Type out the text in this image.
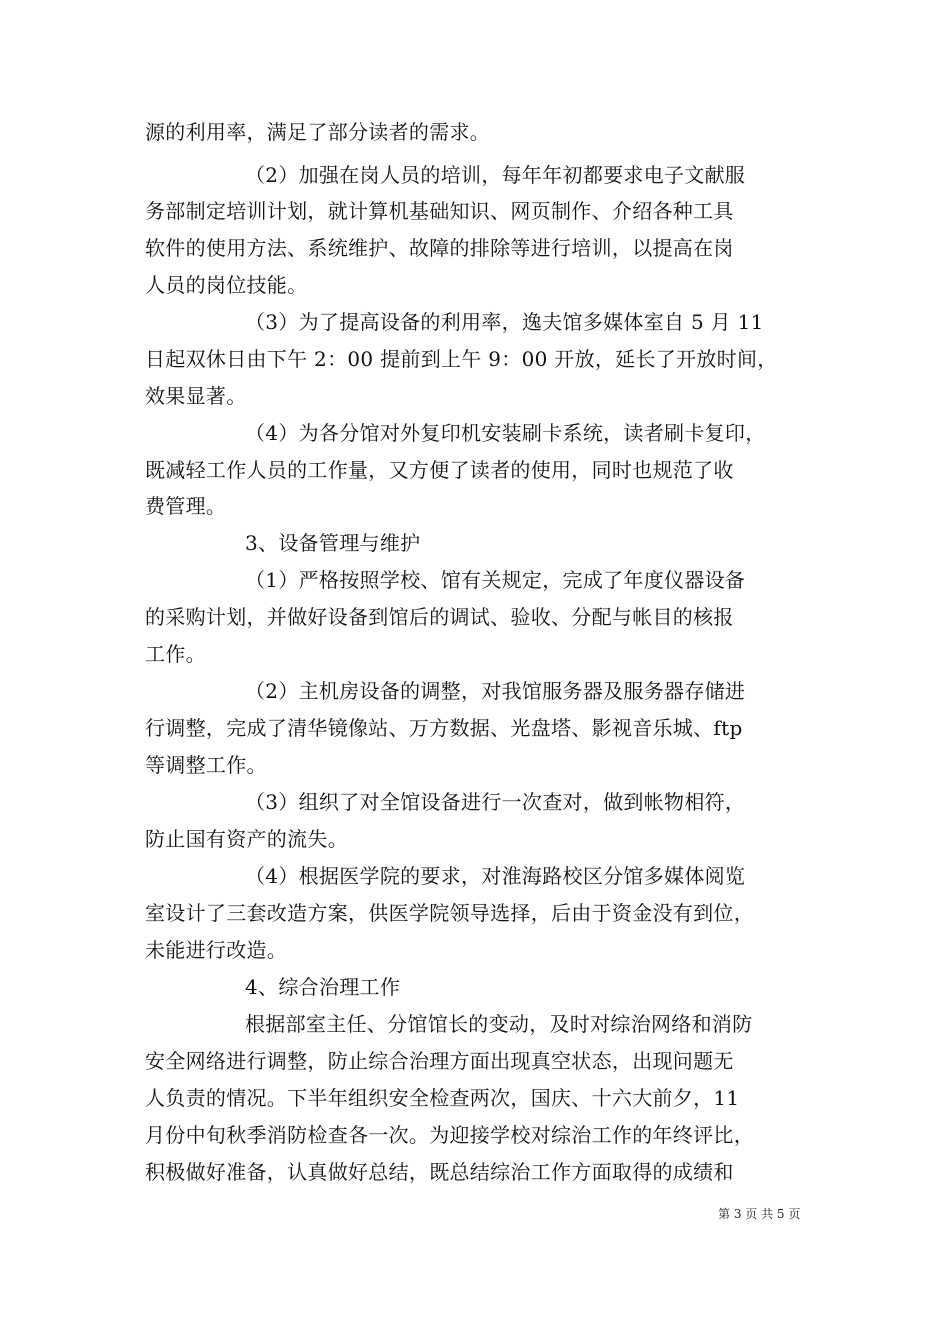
源的利用率，满足了部分读者的需求。
（2）加强在岗人员的培训，每年年初都要求电子文献服
务部制定培训计划，就计算机基础知识、网页制作、介绍各种工具
软件的使用方法、系统维护、故障的排除等进行培训，以提高在岗
人员的岗位技能。
（3）为了提高设备的利用率，逸夫馆多媒体室自 5 月 11
日起双休日由下午 2：00 提前到上午 9：00 开放，延长了开放时间，
效果显著。
（4）为各分馆对外复印机安装刷卡系统，读者刷卡复印，
既减轻工作人员的工作量，又方便了读者的使用，同时也规范了收
费管理。
3、设备管理与维护
（1）严格按照学校、馆有关规定，完成了年度仪器设备
的采购计划，并做好设备到馆后的调试、验收、分配与帐目的核报
工作。
（2）主机房设备的调整，对我馆服务器及服务器存储进
行调整，完成了清华镜像站、万方数据、光盘塔、影视音乐城、ftp
等调整工作。
（3）组织了对全馆设备进行一次查对，做到帐物相符，
防止国有资产的流失。
（4）根据医学院的要求，对淮海路校区分馆多媒体阅览
室设计了三套改造方案，供医学院领导选择，后由于资金没有到位，
未能进行改造。
4、综合治理工作
根据部室主任、分馆馆长的变动，及时对综治网络和消防
安全网络进行调整，防止综合治理方面出现真空状态，出现问题无
人负责的情况。下半年组织安全检查两次，国庆、十六大前夕，11
月份中旬秋季消防检查各一次。为迎接学校对综治工作的年终评比，
积极做好准备，认真做好总结，既总结综治工作方面取得的成绩和
第 3 页 共 5 页
